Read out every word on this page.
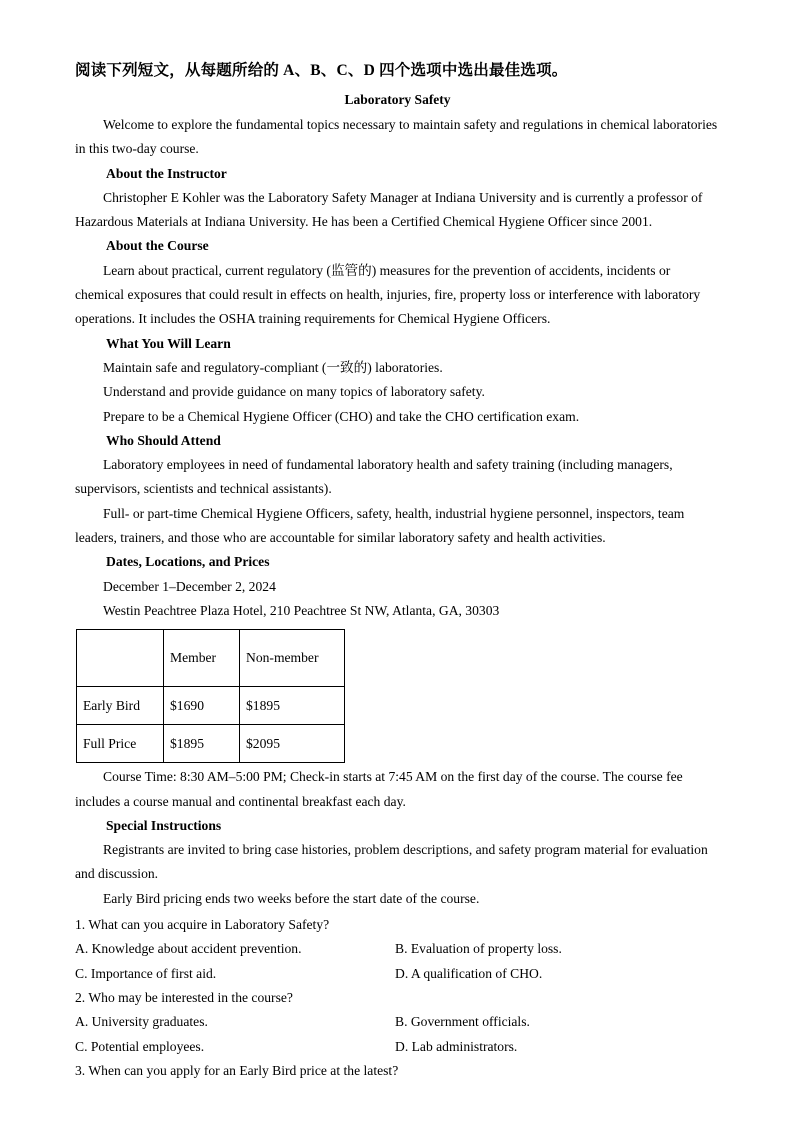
阅读下列短文，从每题所给的 A、B、C、D 四个选项中选出最佳选项。
Laboratory Safety

Welcome to explore the fundamental topics necessary to maintain safety and regulations in chemical laboratories in this two-day course.

About the Instructor

Christopher E Kohler was the Laboratory Safety Manager at Indiana University and is currently a professor of Hazardous Materials at Indiana University. He has been a Certified Chemical Hygiene Officer since 2001.

About the Course

Learn about practical, current regulatory (监管的) measures for the prevention of accidents, incidents or chemical exposures that could result in effects on health, injuries, fire, property loss or interference with laboratory operations. It includes the OSHA training requirements for Chemical Hygiene Officers.

What You Will Learn

Maintain safe and regulatory-compliant (一致的) laboratories.

Understand and provide guidance on many topics of laboratory safety.

Prepare to be a Chemical Hygiene Officer (CHO) and take the CHO certification exam.

Who Should Attend

Laboratory employees in need of fundamental laboratory health and safety training (including managers, supervisors, scientists and technical assistants).

Full- or part-time Chemical Hygiene Officers, safety, health, industrial hygiene personnel, inspectors, team leaders, trainers, and those who are accountable for similar laboratory safety and health activities.

Dates, Locations, and Prices

December 1–December 2, 2024

Westin Peachtree Plaza Hotel, 210 Peachtree St NW, Atlanta, GA, 30303

	Member	Non-member
Early Bird	$1690	$1895
Full Price	$1895	$2095

Course Time: 8:30 AM–5:00 PM; Check-in starts at 7:45 AM on the first day of the course. The course fee includes a course manual and continental breakfast each day.

Special Instructions

Registrants are invited to bring case histories, problem descriptions, and safety program material for evaluation and discussion.

Early Bird pricing ends two weeks before the start date of the course.

1. What can you acquire in Laboratory Safety?

A. Knowledge about accident prevention.	B. Evaluation of property loss.
C. Importance of first aid.	D. A qualification of CHO.

2. Who may be interested in the course?

A. University graduates.	B. Government officials.
C. Potential employees.	D. Lab administrators.

3. When can you apply for an Early Bird price at the latest?
